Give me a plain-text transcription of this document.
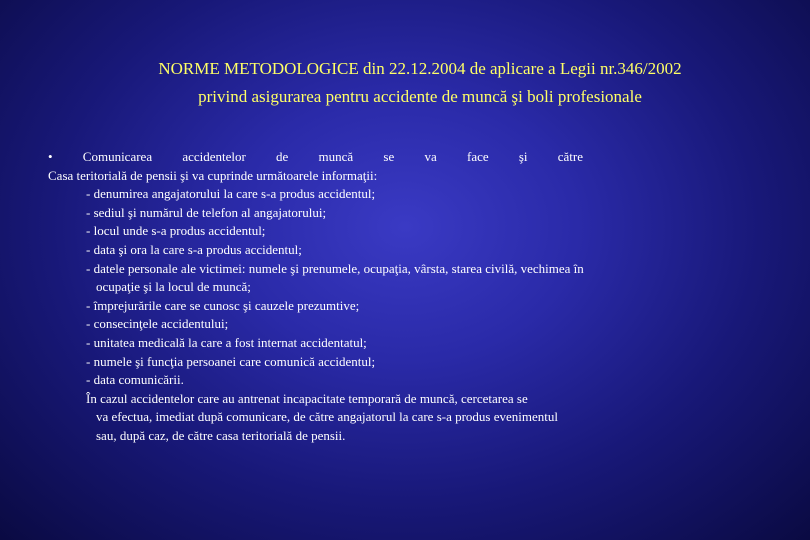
NORME METODOLOGICE din 22.12.2004 de aplicare a Legii nr.346/2002
privind asigurarea pentru accidente de muncă şi boli profesionale
• Comunicarea accidentelor de muncă se va face şi către
Casa teritorială de pensii şi va cuprinde următoarele informaţii:
- denumirea angajatorului la care s-a produs accidentul;
- sediul şi numărul de telefon al angajatorului;
- locul unde s-a produs accidentul;
- data şi ora la care s-a produs accidentul;
- datele personale ale victimei: numele şi prenumele, ocupaţia, vârsta, starea civilă, vechimea în
ocupaţie şi la locul de muncă;
- împrejurările care se cunosc şi cauzele prezumtive;
- consecinţele accidentului;
- unitatea medicală la care a fost internat accidentatul;
- numele şi funcţia persoanei care comunică accidentul;
- data comunicării.
În cazul accidentelor care au antrenat incapacitate temporară de muncă, cercetarea se
va efectua, imediat după comunicare, de către angajatorul la care s-a produs evenimentul
sau, după caz, de către casa teritorială de pensii.
